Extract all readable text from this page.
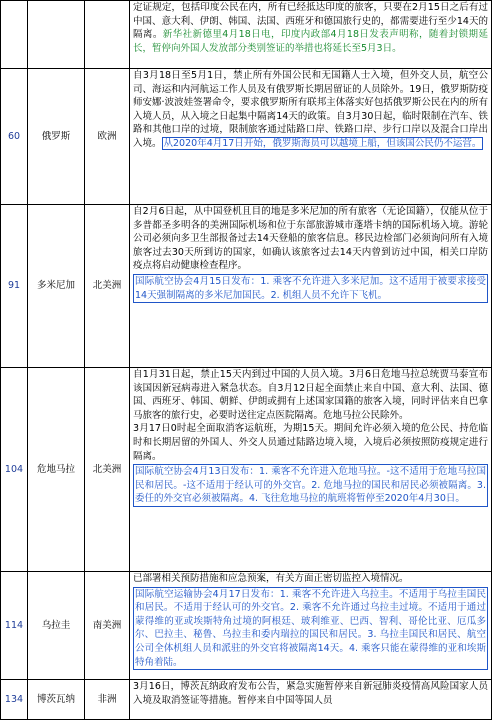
			定证规定，包括印度公民在内，所有已经抵达印度的旅客，只要在2月15日之后有过中国、意大利、伊朗、韩国、法国、西班牙和德国旅行史的，都需要进行至少14天的隔离。新华社新德里4月18日电，印度内政部4月18日发表声明称，随着封锁期延长，暂停向外国人发放部分类别签证的举措也将延长至5月3日。

60	俄罗斯	欧洲	自3月18日至5月1日，禁止所有外国公民和无国籍人士入境，但外交人员，航空公司、海运和内河航运工作人员及有俄罗斯长期居留证的人员除外。19日，俄罗斯防疫师安娜·波波娃签署命令，要求俄罗斯所有联邦主体落实好包括俄罗斯公民在内的所有入境人员，从入境之日起集中隔离14天的政策。自3月30日起，临时限制在汽车、铁路和其他口岸的过境，限制旅客通过陆路口岸、铁路口岸、步行口岸以及混合口岸出入境。 从2020年4月17日开始，俄罗斯海员可以越境上船，但该国公民仍不运营。

91	多米尼加	北美洲	自2月6日起，从中国登机且目的地是多米尼加的所有旅客（无论国籍），仅能从位于多普都圣多明各的美洲国际机场和位于东部旅游城市蓬塔卡纳的国际机场入境。游轮公司必须向多卫生部报备过去14天登船的旅客信息。移民边检部门必须询问所有入境旅客过去30天所到访的国家，如确认该旅客过去14天内曾到访过中国，相关口岸防疫点将启动健康检查程序。

国际航空协会4月15日发布：1. 乘客不允许进入多米尼加。这不适用于被要求接受14天强制隔离的多米尼加国民。2. 机组人员不允许下飞机。

104	危地马拉	北美洲	自1月31日起，禁止15天内到过中国的人员入境。3月6日危地马拉总统贾马泰宣布该国因新冠病毒进入紧急状态。自3月12日起全面禁止来自中国、意大利、法国、德国、西班牙、韩国、朝鲜、伊朗或拥有上述国家国籍的旅客入境，同时评估来自巴拿马旅客的旅行史，必要时送往定点医院隔离。危地马拉公民除外。

3月17日0时起全面取消客运航班，为期15天。期间允许必须入境的危公民、持危临时和长期居留的外国人、外交人员通过陆路边境入境，入境后必须按照防疫规定进行隔离。

国际航空协会4月13日发布：1. 乘客不允许进入危地马拉。-这不适用于危地马拉国民和居民。-这不适用于经认可的外交官。2. 危地马拉的国民和居民必须被隔离。3. 委任的外交官必须被隔离。4. 飞往危地马拉的航班将暂停至2020年4月30日。

114	乌拉圭	南美洲	已部署相关预防措施和应急预案，有关方面正密切监控入境情况。

国际航空运输协会4月17日发布：1. 乘客不允许进入乌拉圭。不适用于乌拉圭国民和居民。不适用于经认可的外交官。2. 乘客不允许通过乌拉圭过境。不适用于通过蒙得维的亚或埃斯特角过境的阿根廷、玻利维亚、巴西、智利、哥伦比亚、厄瓜多尔、巴拉圭、秘鲁、乌拉圭和委内瑞拉的国民和居民。3. 乌拉圭国民和居民、航空公司全体机组人员和派驻的外交官将被隔离14天。4. 乘客只能在蒙得维的亚和埃斯特角着陆。

134	博茨瓦纳	非洲	3月16日，博茨瓦纳政府发布公告，紧急实施暂停来自新冠肺炎疫情高风险国家人员入境及取消签证等措施。暂停来自中国等国人员
